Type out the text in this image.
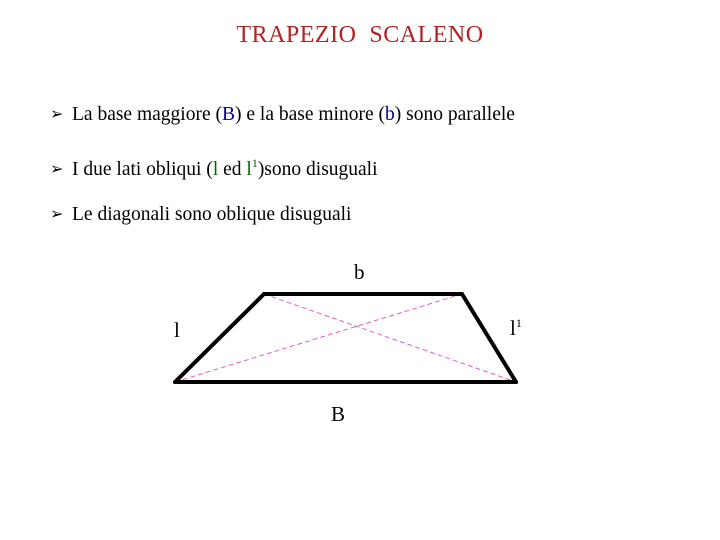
TRAPEZIO  SCALENO
➢ La base maggiore (B) e la base minore (b) sono parallele
➢ I due lati obliqui (l ed $l^1)sono$ disuguali
➢ Le diagonali sono oblique disuguali
b
l	$l^1$
B
